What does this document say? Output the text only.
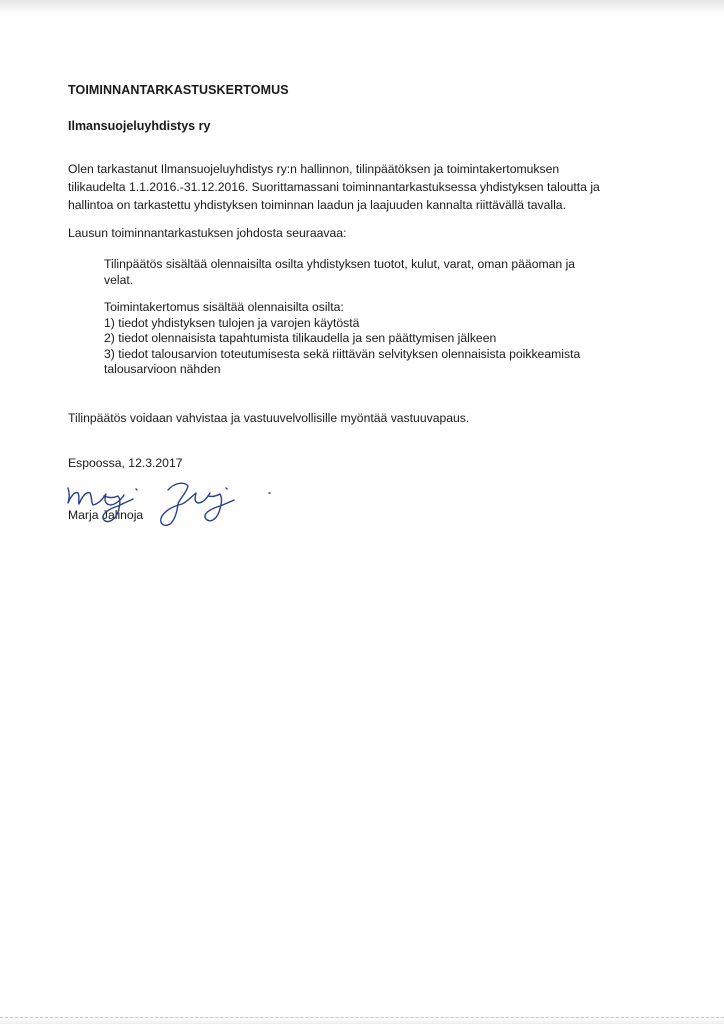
TOIMINNANTARKASTUSKERTOMUS
Ilmansuojeluyhdistys ry

Olen tarkastanut Ilmansuojeluyhdistys ry:n hallinnon, tilinpäätöksen ja toimintakertomuksen
tilikaudelta 1.1.2016.-31.12.2016. Suorittamassani toiminnantarkastuksessa yhdistyksen taloutta ja
hallintoa on tarkastettu yhdistyksen toiminnan laadun ja laajuuden kannalta riittävällä tavalla.

Lausun toiminnantarkastuksen johdosta seuraavaa:

Tilinpäätös sisältää olennaisilta osilta yhdistyksen tuotot, kulut, varat, oman pääoman ja
velat.

Toimintakertomus sisältää olennaisilta osilta:
1) tiedot yhdistyksen tulojen ja varojen käytöstä
2) tiedot olennaisista tapahtumista tilikaudella ja sen päättymisen jälkeen
3) tiedot talousarvion toteutumisesta sekä riittävän selvityksen olennaisista poikkeamista
talousarvioon nähden

Tilinpäätös voidaan vahvistaa ja vastuuvelvollisille myöntää vastuuvapaus.

Espoossa, 12.3.2017

Marja Jalinoja
